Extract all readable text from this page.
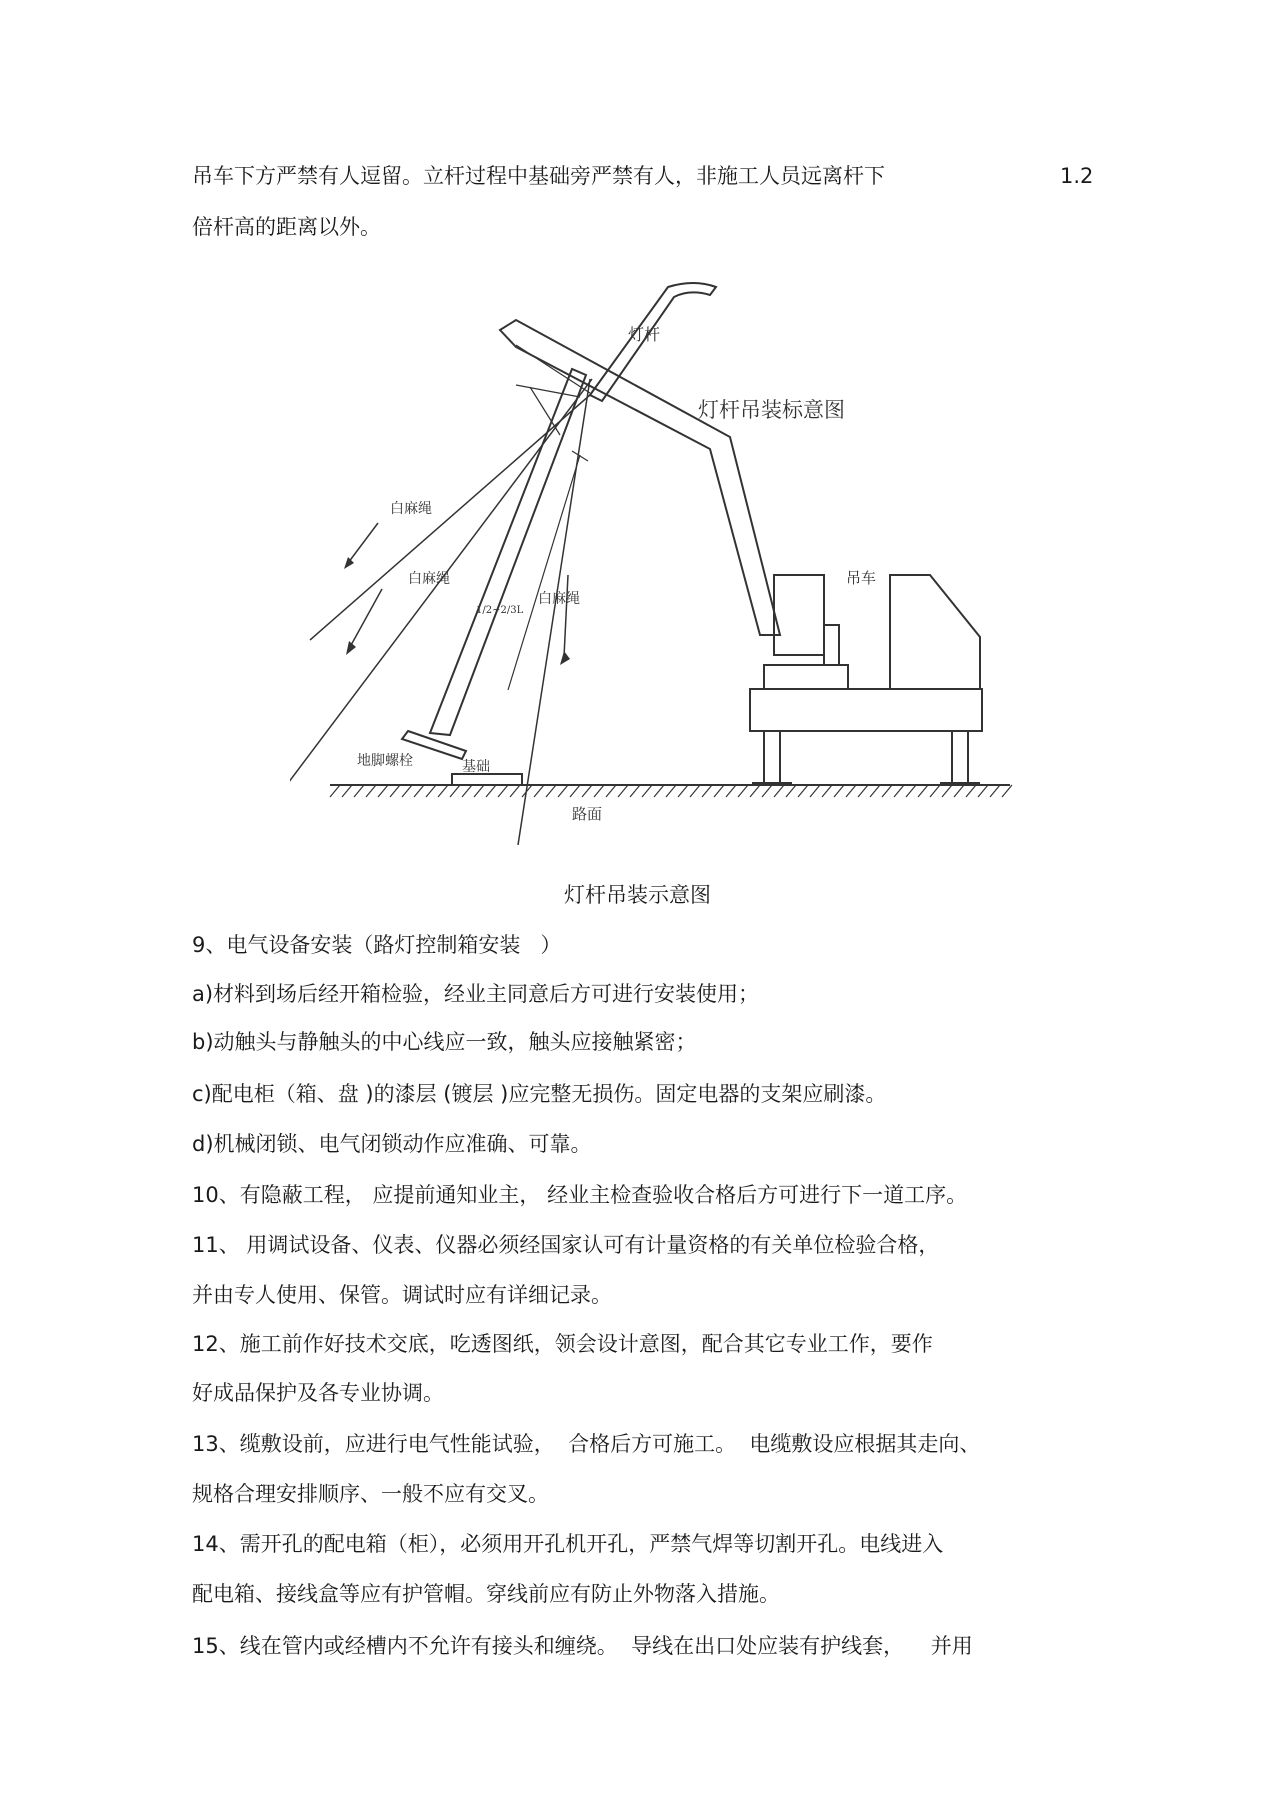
吊车下方严禁有人逗留。立杆过程中基础旁严禁有人，非施工人员远离杆下	1.2
倍杆高的距离以外。
灯杆
灯杆吊装标意图
白麻绳
白麻绳
白麻绳
1/2~2/3L
吊车
地脚螺栓	基础
路面
灯杆吊装示意图
9、电气设备安装（路灯控制箱安装   ）
a)材料到场后经开箱检验，经业主同意后方可进行安装使用；
b)动触头与静触头的中心线应一致，触头应接触紧密；
c)配电柜（箱、盘 )的漆层 (镀层 )应完整无损伤。固定电器的支架应刷漆。
d)机械闭锁、电气闭锁动作应准确、可靠。
10、有隐蔽工程， 应提前通知业主， 经业主检查验收合格后方可进行下一道工序。
11、 用调试设备、仪表、仪器必须经国家认可有计量资格的有关单位检验合格，
并由专人使用、保管。调试时应有详细记录。
12、施工前作好技术交底，吃透图纸，领会设计意图，配合其它专业工作，要作
好成品保护及各专业协调。
13、缆敷设前，应进行电气性能试验，  合格后方可施工。  电缆敷设应根据其走向、
规格合理安排顺序、一般不应有交叉。
14、需开孔的配电箱（柜），必须用开孔机开孔，严禁气焊等切割开孔。电线进入
配电箱、接线盒等应有护管帽。穿线前应有防止外物落入措施。
15、线在管内或经槽内不允许有接头和缠绕。  导线在出口处应装有护线套，    并用
